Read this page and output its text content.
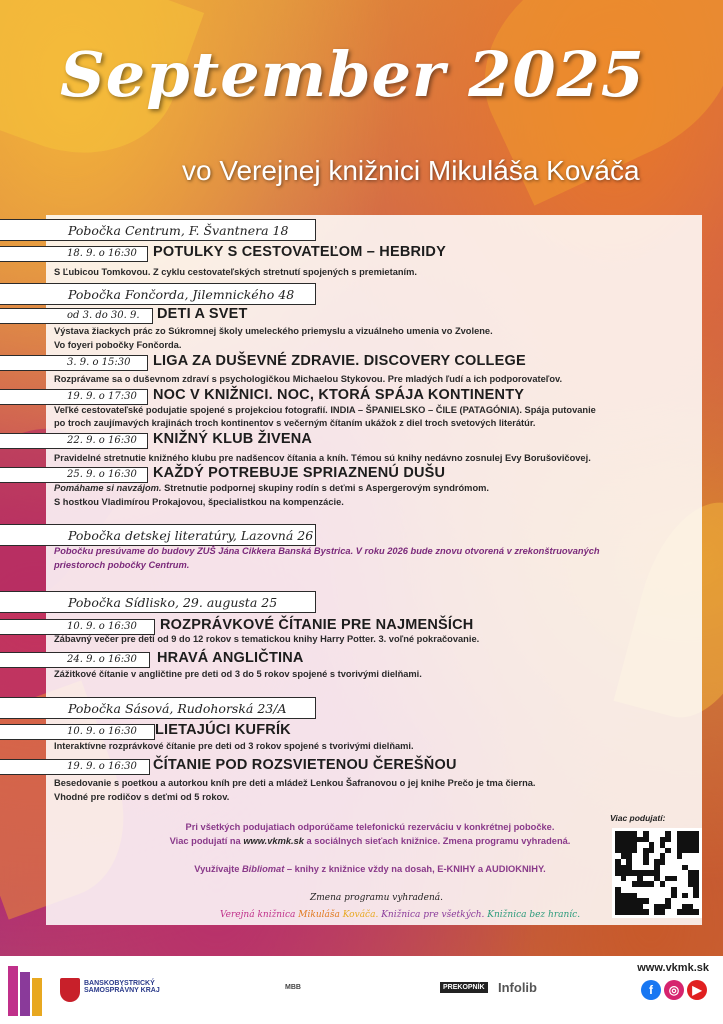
September 2025
vo Verejnej knižnici Mikuláša Kováča
Pobočka Centrum, F. Švantnera 18
18. 9. o 16:30	POTULKY S CESTOVATEĽOM – HEBRIDY
S Ľubicou Tomkovou. Z cyklu cestovateľských stretnutí spojených s premietaním.
Pobočka Fončorda, Jilemnického 48
od 3. do 30. 9.	DETI A SVET
Výstava žiackych prác zo Súkromnej školy umeleckého priemyslu a vizuálneho umenia vo Zvolene.
Vo foyeri pobočky Fončorda.
3. 9. o 15:30	LIGA ZA DUŠEVNÉ ZDRAVIE. DISCOVERY COLLEGE
Rozprávame sa o duševnom zdraví s psychologičkou Michaelou Stykovou. Pre mladých ľudí a ich podporovateľov.
19. 9. o 17:30	NOC V KNIŽNICI. NOC, KTORÁ SPÁJA KONTINENTY
Veľké cestovateľské podujatie spojené s projekciou fotografií. INDIA – ŠPANIELSKO – ČILE (PATAGÓNIA). Spája putovanie
po troch zaujímavých krajinách troch kontinentov s večerným čítaním ukážok z diel troch svetových literátúr.
22. 9. o 16:30	KNIŽNÝ KLUB ŽIVENA
Pravidelné stretnutie knižného klubu pre nadšencov čítania a kníh. Témou sú knihy nedávno zosnulej Evy Borušovičovej.
25. 9. o 16:30	KAŽDÝ POTREBUJE SPRIAZNENÚ DUŠU
Pomáhame si navzájom. Stretnutie podpornej skupiny rodín s deťmi s Aspergerovým syndrómom.
S hostkou Vladimírou Prokajovou, špecialistkou na kompenzácie.
Pobočka detskej literatúry, Lazovná 26
Pobočku presúvame do budovy ZUŠ Jána Cikkera Banská Bystrica. V roku 2026 bude znovu otvorená v zrekonštruovaných
priestoroch pobočky Centrum.
Pobočka Sídlisko, 29. augusta 25
10. 9. o 16:30	ROZPRÁVKOVÉ ČÍTANIE PRE NAJMENŠÍCH
Zábavný večer pre deti od 9 do 12 rokov s tematickou knihy Harry Potter. 3. voľné pokračovanie.
24. 9. o 16:30	HRAVÁ ANGLIČTINA
Zážitkové čítanie v angličtine pre deti od 3 do 5 rokov spojené s tvorivými dielňami.
Pobočka Sásová, Rudohorská 23/A
10. 9. o 16:30	LIETAJÚCI KUFRÍK
Interaktívne rozprávkové čítanie pre deti od 3 rokov spojené s tvorivými dielňami.
19. 9. o 16:30	ČÍTANIE POD ROZSVIETENOU ČEREŠŇOU
Besedovanie s poetkou a autorkou kníh pre deti a mládež Lenkou Šafranovou o jej knihe Prečo je tma čierna.
Vhodné pre rodičov s deťmi od 5 rokov.
Pri všetkých podujatiach odporúčame telefonickú rezerváciu v konkrétnej pobočke.
Viac podujatí na www.vkmk.sk a sociálnych sieťach knižnice. Zmena programu vyhradená.
Využívajte Bibliomat – knihy z knižnice vždy na dosah, E-KNIHY a AUDIOKNIHY.
Viac podujatí:
Zmena programu vyhradená.
Verejná knižnica Mikuláša Kováča. Knižnica pre všetkých. Knižnica bez hraníc.
BANSKOBYSTRICKÝ SAMOSPRÁVNY KRAJ	MBB	PREKOPNÍK Infolib
www.vkmk.sk
f	◎	▶
